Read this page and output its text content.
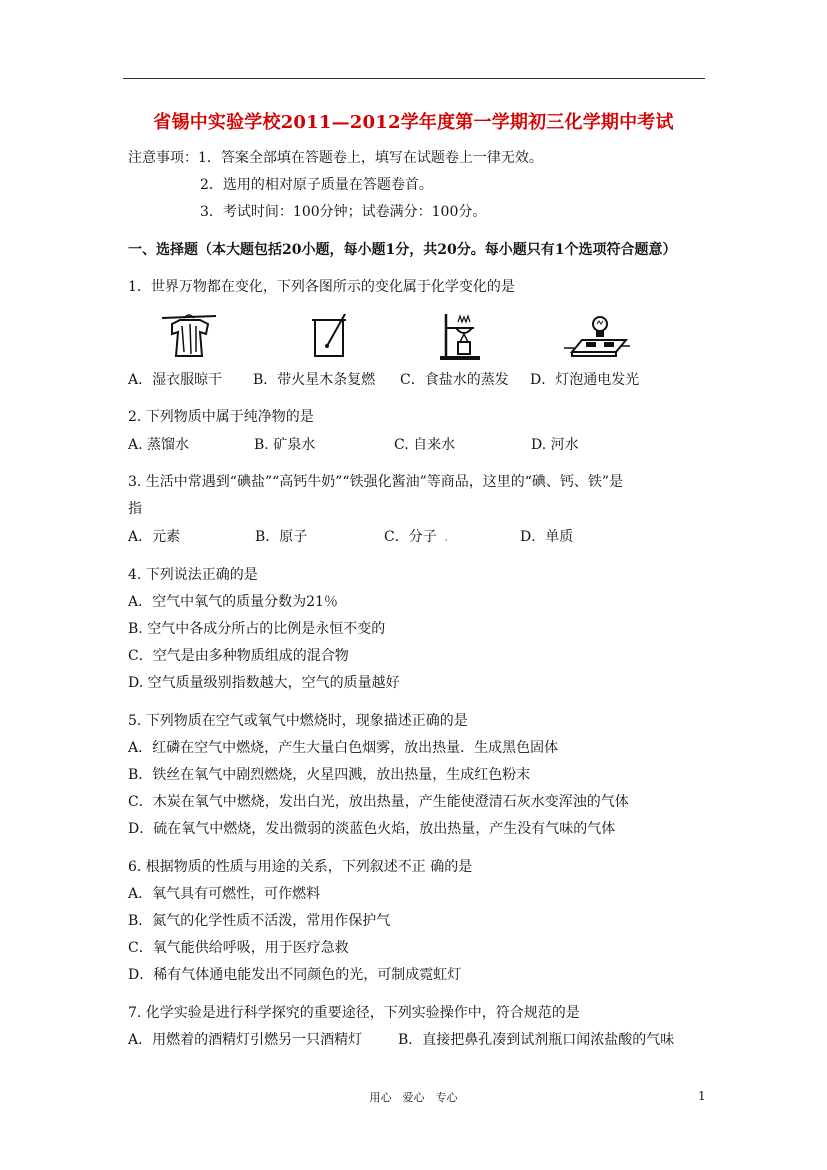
省锡中实验学校2011—2012学年度第一学期初三化学期中考试
注意事项：1．答案全部填在答题卷上，填写在试题卷上一律无效。
2．选用的相对原子质量在答题卷首。
3．考试时间：100分钟；试卷满分：100分。
一、选择题（本大题包括20小题，每小题1分，共20分。每小题只有1个选项符合题意）
1．世界万物都在变化，下列各图所示的变化属于化学变化的是
A．湿衣服晾干 B．带火星木条复燃 C．食盐水的蒸发 D．灯泡通电发光
2. 下列物质中属于纯净物的是
A. 蒸馏水	B. 矿泉水	C. 自来水	D. 河水
3. 生活中常遇到“碘盐”“高钙牛奶”“铁强化酱油”等商品，这里的“碘、钙、铁”是
指
A．元素	B．原子	C．分子 .	D．单质
4. 下列说法正确的是
A．空气中氧气的质量分数为21％
B. 空气中各成分所占的比例是永恒不变的
C．空气是由多种物质组成的混合物
D. 空气质量级别指数越大，空气的质量越好
5. 下列物质在空气或氧气中燃烧时，现象描述正确的是
A．红磷在空气中燃烧，产生大量白色烟雾，放出热量．生成黑色固体
B．铁丝在氧气中剧烈燃烧，火星四溅，放出热量，生成红色粉末
C．木炭在氧气中燃烧，发出白光，放出热量，产生能使澄清石灰水变浑浊的气体
D．硫在氧气中燃烧，发出微弱的淡蓝色火焰，放出热量，产生没有气味的气体
6. 根据物质的性质与用途的关系，下列叙述不正 确的是
A．氧气具有可燃性，可作燃料
B．氮气的化学性质不活泼，常用作保护气
C．氧气能供给呼吸，用于医疗急救
D．稀有气体通电能发出不同颜色的光，可制成霓虹灯
7. 化学实验是进行科学探究的重要途径，下列实验操作中，符合规范的是
A．用燃着的酒精灯引燃另一只酒精灯	B．直接把鼻孔凑到试剂瓶口闻浓盐酸的气味
用心　爱心　专心	1
